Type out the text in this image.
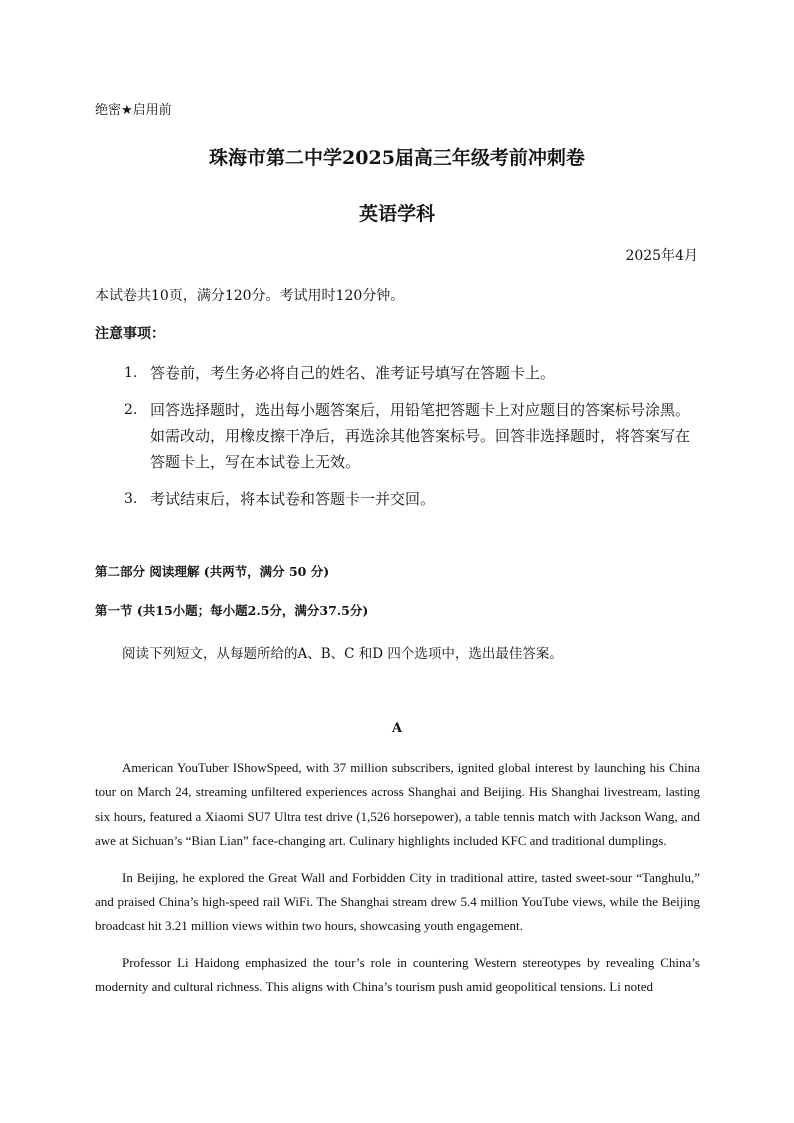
绝密★启用前
珠海市第二中学2025届高三年级考前冲刺卷
英语学科
2025年4月
本试卷共10页，满分120分。考试用时120分钟。
注意事项：
1. 答卷前，考生务必将自己的姓名、准考证号填写在答题卡上。
2. 回答选择题时，选出每小题答案后，用铅笔把答题卡上对应题目的答案标号涂黑。如需改动，用橡皮擦干净后，再选涂其他答案标号。回答非选择题时，将答案写在答题卡上，写在本试卷上无效。
3. 考试结束后，将本试卷和答题卡一并交回。
第二部分 阅读理解 (共两节，满分 50 分)
第一节 (共15小题；每小题2.5分，满分37.5分)
阅读下列短文，从每题所给的A、B、C 和D 四个选项中，选出最佳答案。
A

American YouTuber IShowSpeed, with 37 million subscribers, ignited global interest by launching his China tour on March 24, streaming unfiltered experiences across Shanghai and Beijing. His Shanghai livestream, lasting six hours, featured a Xiaomi SU7 Ultra test drive (1,526 horsepower), a table tennis match with Jackson Wang, and awe at Sichuan’s “Bian Lian” face-changing art. Culinary highlights included KFC and traditional dumplings.

In Beijing, he explored the Great Wall and Forbidden City in traditional attire, tasted sweet-sour “Tanghulu,” and praised China’s high-speed rail WiFi. The Shanghai stream drew 5.4 million YouTube views, while the Beijing broadcast hit 3.21 million views within two hours, showcasing youth engagement.

Professor Li Haidong emphasized the tour’s role in countering Western stereotypes by revealing China’s modernity and cultural richness. This aligns with China’s tourism push amid geopolitical tensions. Li noted
